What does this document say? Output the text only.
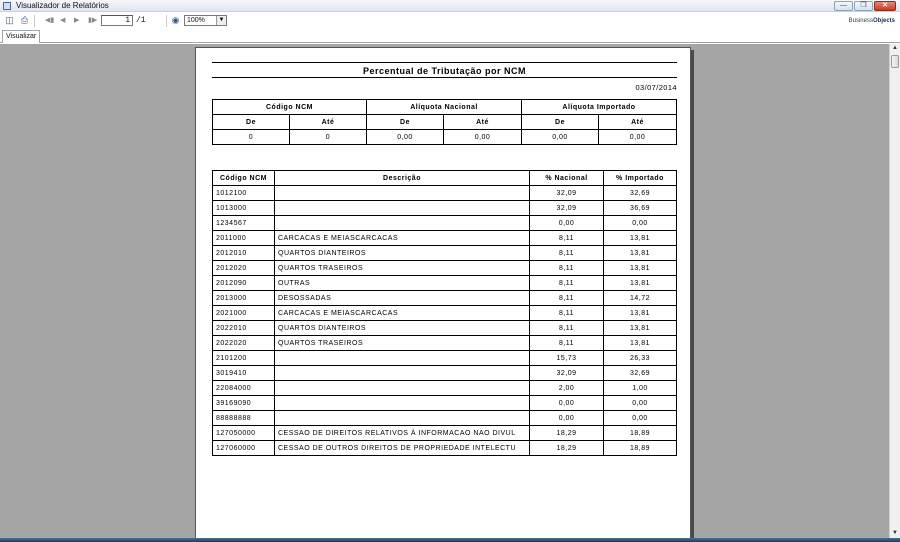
Visualizador de Relatórios	—	❐	✕
◫ ⎙ ◀▮ ◀ ▶ ▮▶	1 /1	◉ 100%	▼	BusinessObjects
Visualizar
Percentual de Tributação por NCM
03/07/2014
Código NCM		Alíquota Nacional		Alíquota Importado	
De	Até	De	Até	De	Até
0	0	0,00	0,00	0,00	0,00
Código NCM	Descrição	% Nacional	% Importado
1012100		32,09	32,69
1013000		32,09	36,69
1234567		0,00	0,00
2011000	CARCACAS E MEIASCARCACAS	8,11	13,81
2012010	QUARTOS DIANTEIROS	8,11	13,81
2012020	QUARTOS TRASEIROS	8,11	13,81
2012090	OUTRAS	8,11	13,81
2013000	DESOSSADAS	8,11	14,72
2021000	CARCACAS E MEIASCARCACAS	8,11	13,81
2022010	QUARTOS DIANTEIROS	8,11	13,81
2022020	QUARTOS TRASEIROS	8,11	13,81
2101200		15,73	26,33
3019410		32,09	32,69
22084000		2,00	1,00
39169090		0,00	0,00
88888888		0,00	0,00
127050000	CESSAO DE DIREITOS RELATIVOS À INFORMACAO NAO DIVUL	18,29	18,89
127060000	CESSAO DE OUTROS DIREITOS DE PROPRIEDADE INTELECTU	18,29	18,89
▲
▼
